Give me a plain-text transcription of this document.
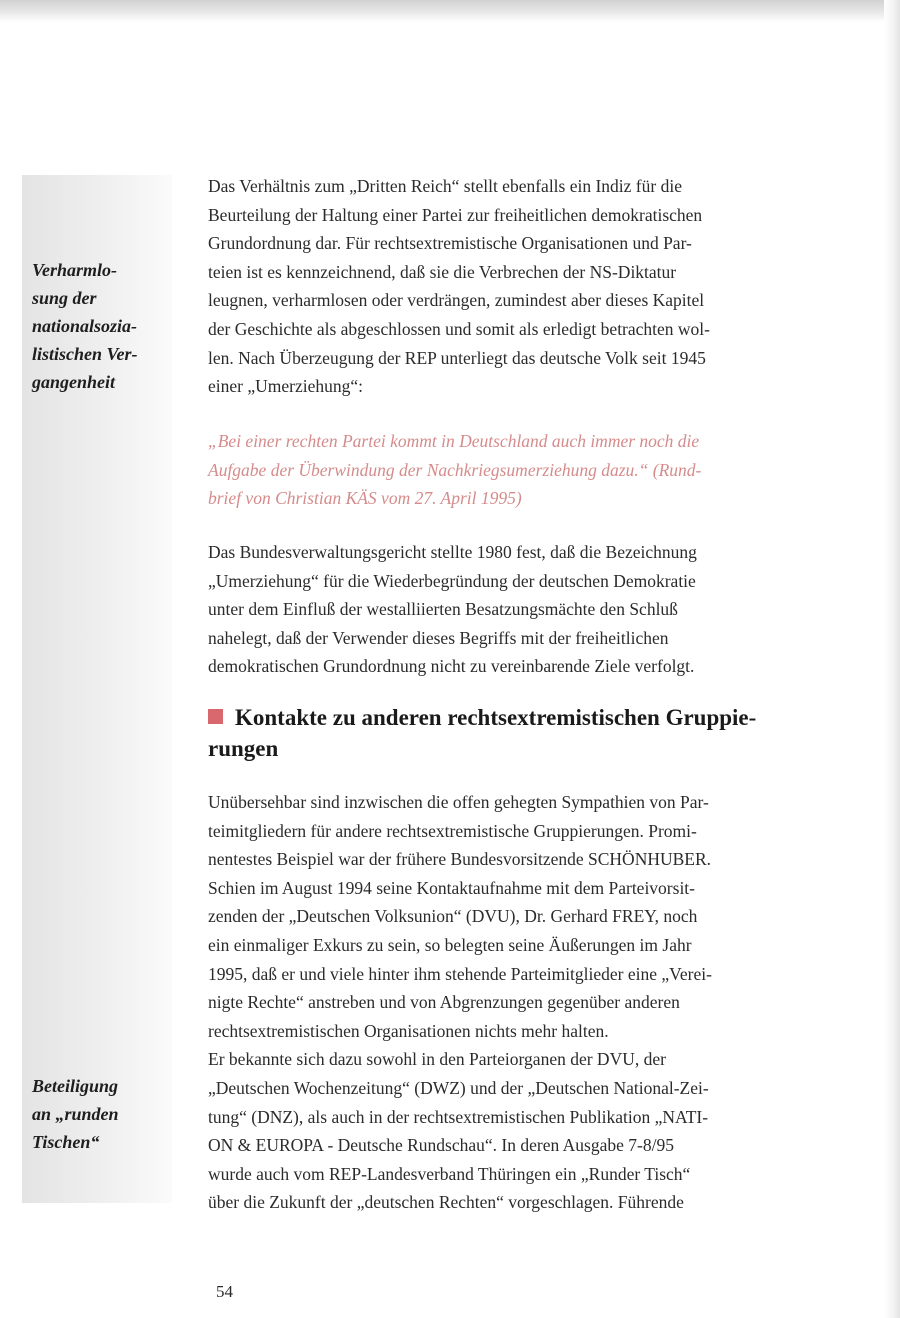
Verharmlo-
sung der
nationalsozia-
listischen Ver-
gangenheit
Beteiligung
an „runden
Tischen“
Das Verhältnis zum „Dritten Reich“ stellt ebenfalls ein Indiz für die
Beurteilung der Haltung einer Partei zur freiheitlichen demokratischen
Grundordnung dar. Für rechtsextremistische Organisationen und Par-
teien ist es kennzeichnend, daß sie die Verbrechen der NS-Diktatur
leugnen, verharmlosen oder verdrängen, zumindest aber dieses Kapitel
der Geschichte als abgeschlossen und somit als erledigt betrachten wol-
len. Nach Überzeugung der REP unterliegt das deutsche Volk seit 1945
einer „Umerziehung“:
„Bei einer rechten Partei kommt in Deutschland auch immer noch die
Aufgabe der Überwindung der Nachkriegsumerziehung dazu.“ (Rund-
brief von Christian KÄS vom 27. April 1995)
Das Bundesverwaltungsgericht stellte 1980 fest, daß die Bezeichnung
„Umerziehung“ für die Wiederbegründung der deutschen Demokratie
unter dem Einfluß der westalliierten Besatzungsmächte den Schluß
nahelegt, daß der Verwender dieses Begriffs mit der freiheitlichen
demokratischen Grundordnung nicht zu vereinbarende Ziele verfolgt.
Kontakte zu anderen rechtsextremistischen Gruppie-
rungen
Unübersehbar sind inzwischen die offen gehegten Sympathien von Par-
teimitgliedern für andere rechtsextremistische Gruppierungen. Promi-
nentestes Beispiel war der frühere Bundesvorsitzende SCHÖNHUBER.
Schien im August 1994 seine Kontaktaufnahme mit dem Parteivorsit-
zenden der „Deutschen Volksunion“ (DVU), Dr. Gerhard FREY, noch
ein einmaliger Exkurs zu sein, so belegten seine Äußerungen im Jahr
1995, daß er und viele hinter ihm stehende Parteimitglieder eine „Verei-
nigte Rechte“ anstreben und von Abgrenzungen gegenüber anderen
rechtsextremistischen Organisationen nichts mehr halten.
Er bekannte sich dazu sowohl in den Parteiorganen der DVU, der
„Deutschen Wochenzeitung“ (DWZ) und der „Deutschen National-Zei-
tung“ (DNZ), als auch in der rechtsextremistischen Publikation „NATI-
ON & EUROPA - Deutsche Rundschau“. In deren Ausgabe 7-8/95
wurde auch vom REP-Landesverband Thüringen ein „Runder Tisch“
über die Zukunft der „deutschen Rechten“ vorgeschlagen. Führende
54
